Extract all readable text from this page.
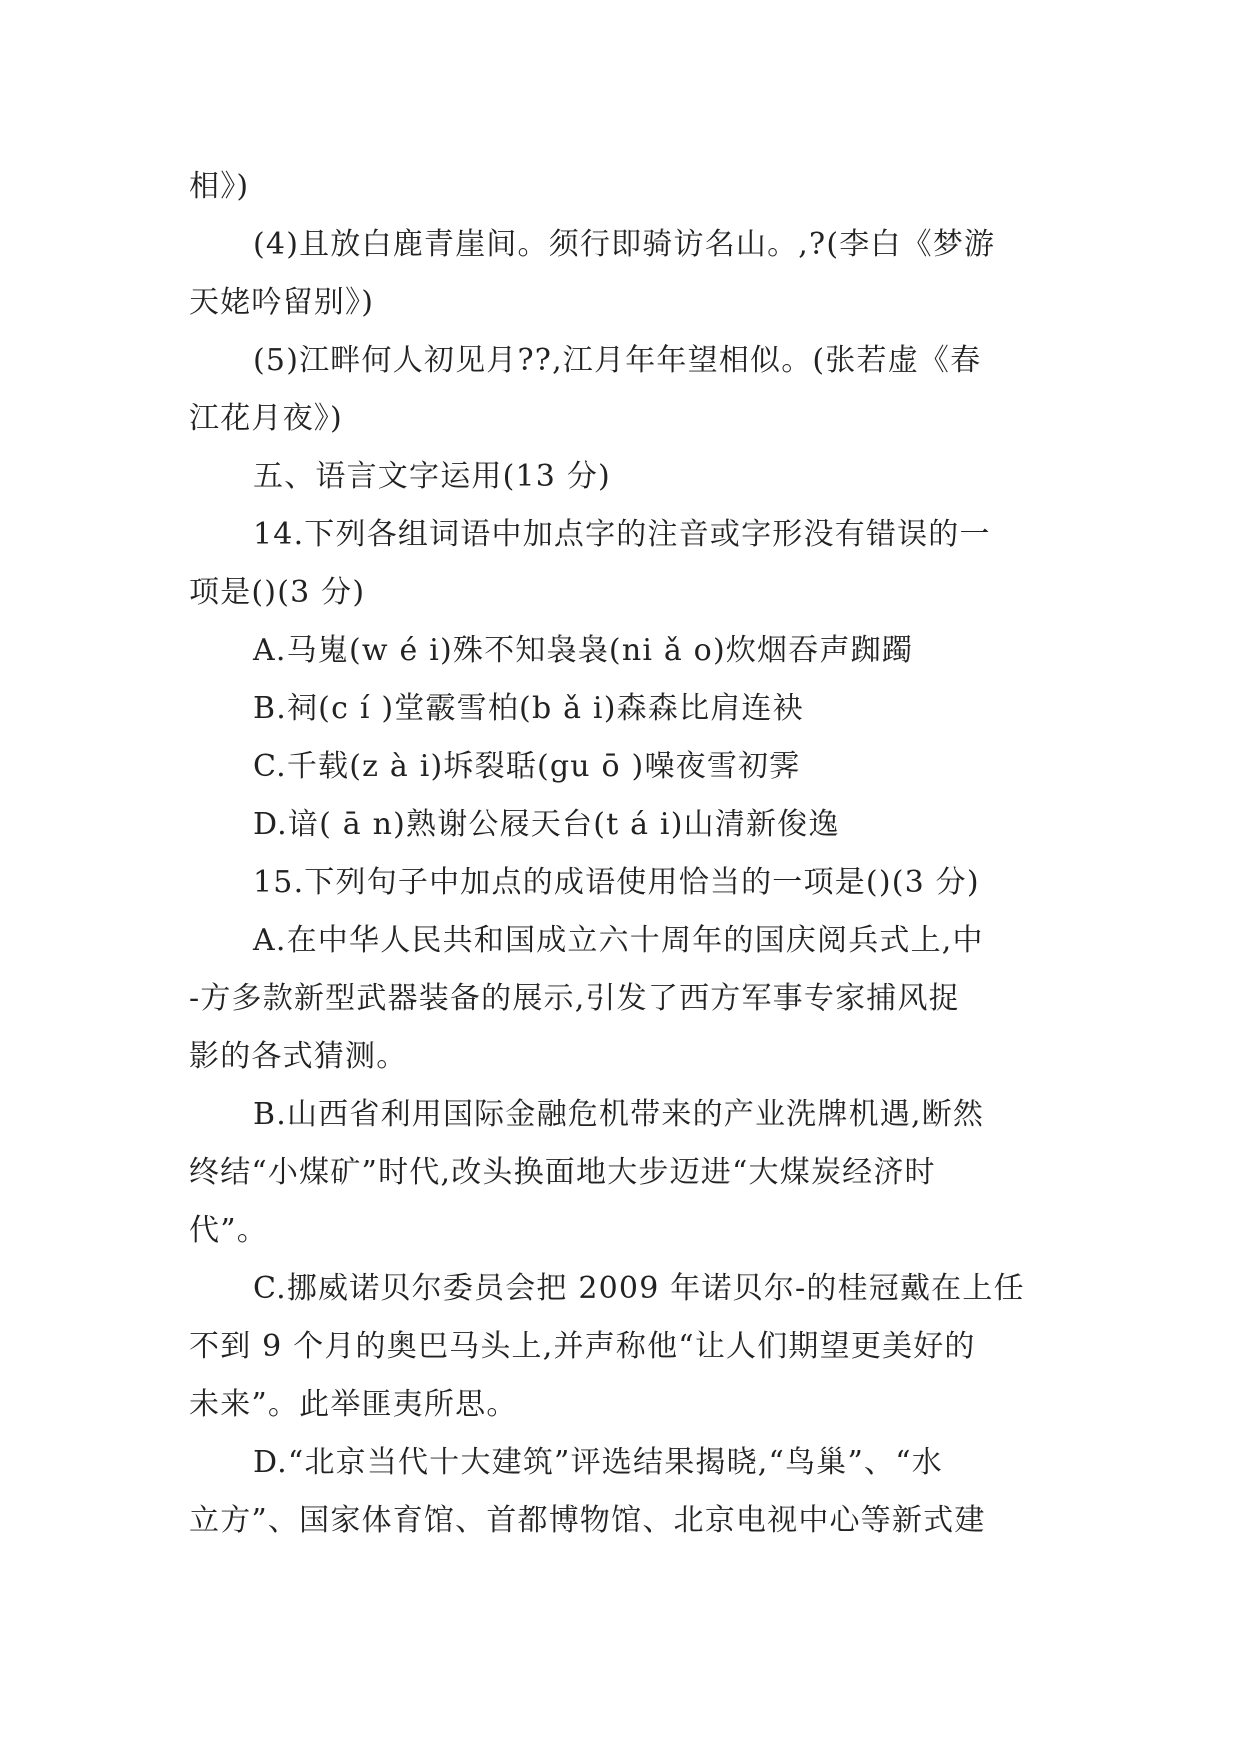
相》)
(4)且放白鹿青崖间。须行即骑访名山。,?(李白《梦游
天姥吟留别》)
(5)江畔何人初见月??,江月年年望相似。(张若虚《春
江花月夜》)
五、语言文字运用(13 分)
14.下列各组词语中加点字的注音或字形没有错误的一
项是()(3 分)
A.马嵬(w é i)殊不知袅袅(ni ǎ o)炊烟吞声踟躅
B.祠(c í )堂霰雪柏(b ǎ i)森森比肩连袂
C.千载(z à i)坼裂聒(gu ō )噪夜雪初霁
D.谙( ā n)熟谢公屐天台(t á i)山清新俊逸
15.下列句子中加点的成语使用恰当的一项是()(3 分)
A.在中华人民共和国成立六十周年的国庆阅兵式上,中
-方多款新型武器装备的展示,引发了西方军事专家捕风捉
影的各式猜测。
B.山西省利用国际金融危机带来的产业洗牌机遇,断然
终结“小煤矿”时代,改头换面地大步迈进“大煤炭经济时
代”。
C.挪威诺贝尔委员会把 2009 年诺贝尔-的桂冠戴在上任
不到 9 个月的奥巴马头上,并声称他“让人们期望更美好的
未来”。此举匪夷所思。
D.“北京当代十大建筑”评选结果揭晓,“鸟巢”、“水
立方”、国家体育馆、首都博物馆、北京电视中心等新式建
